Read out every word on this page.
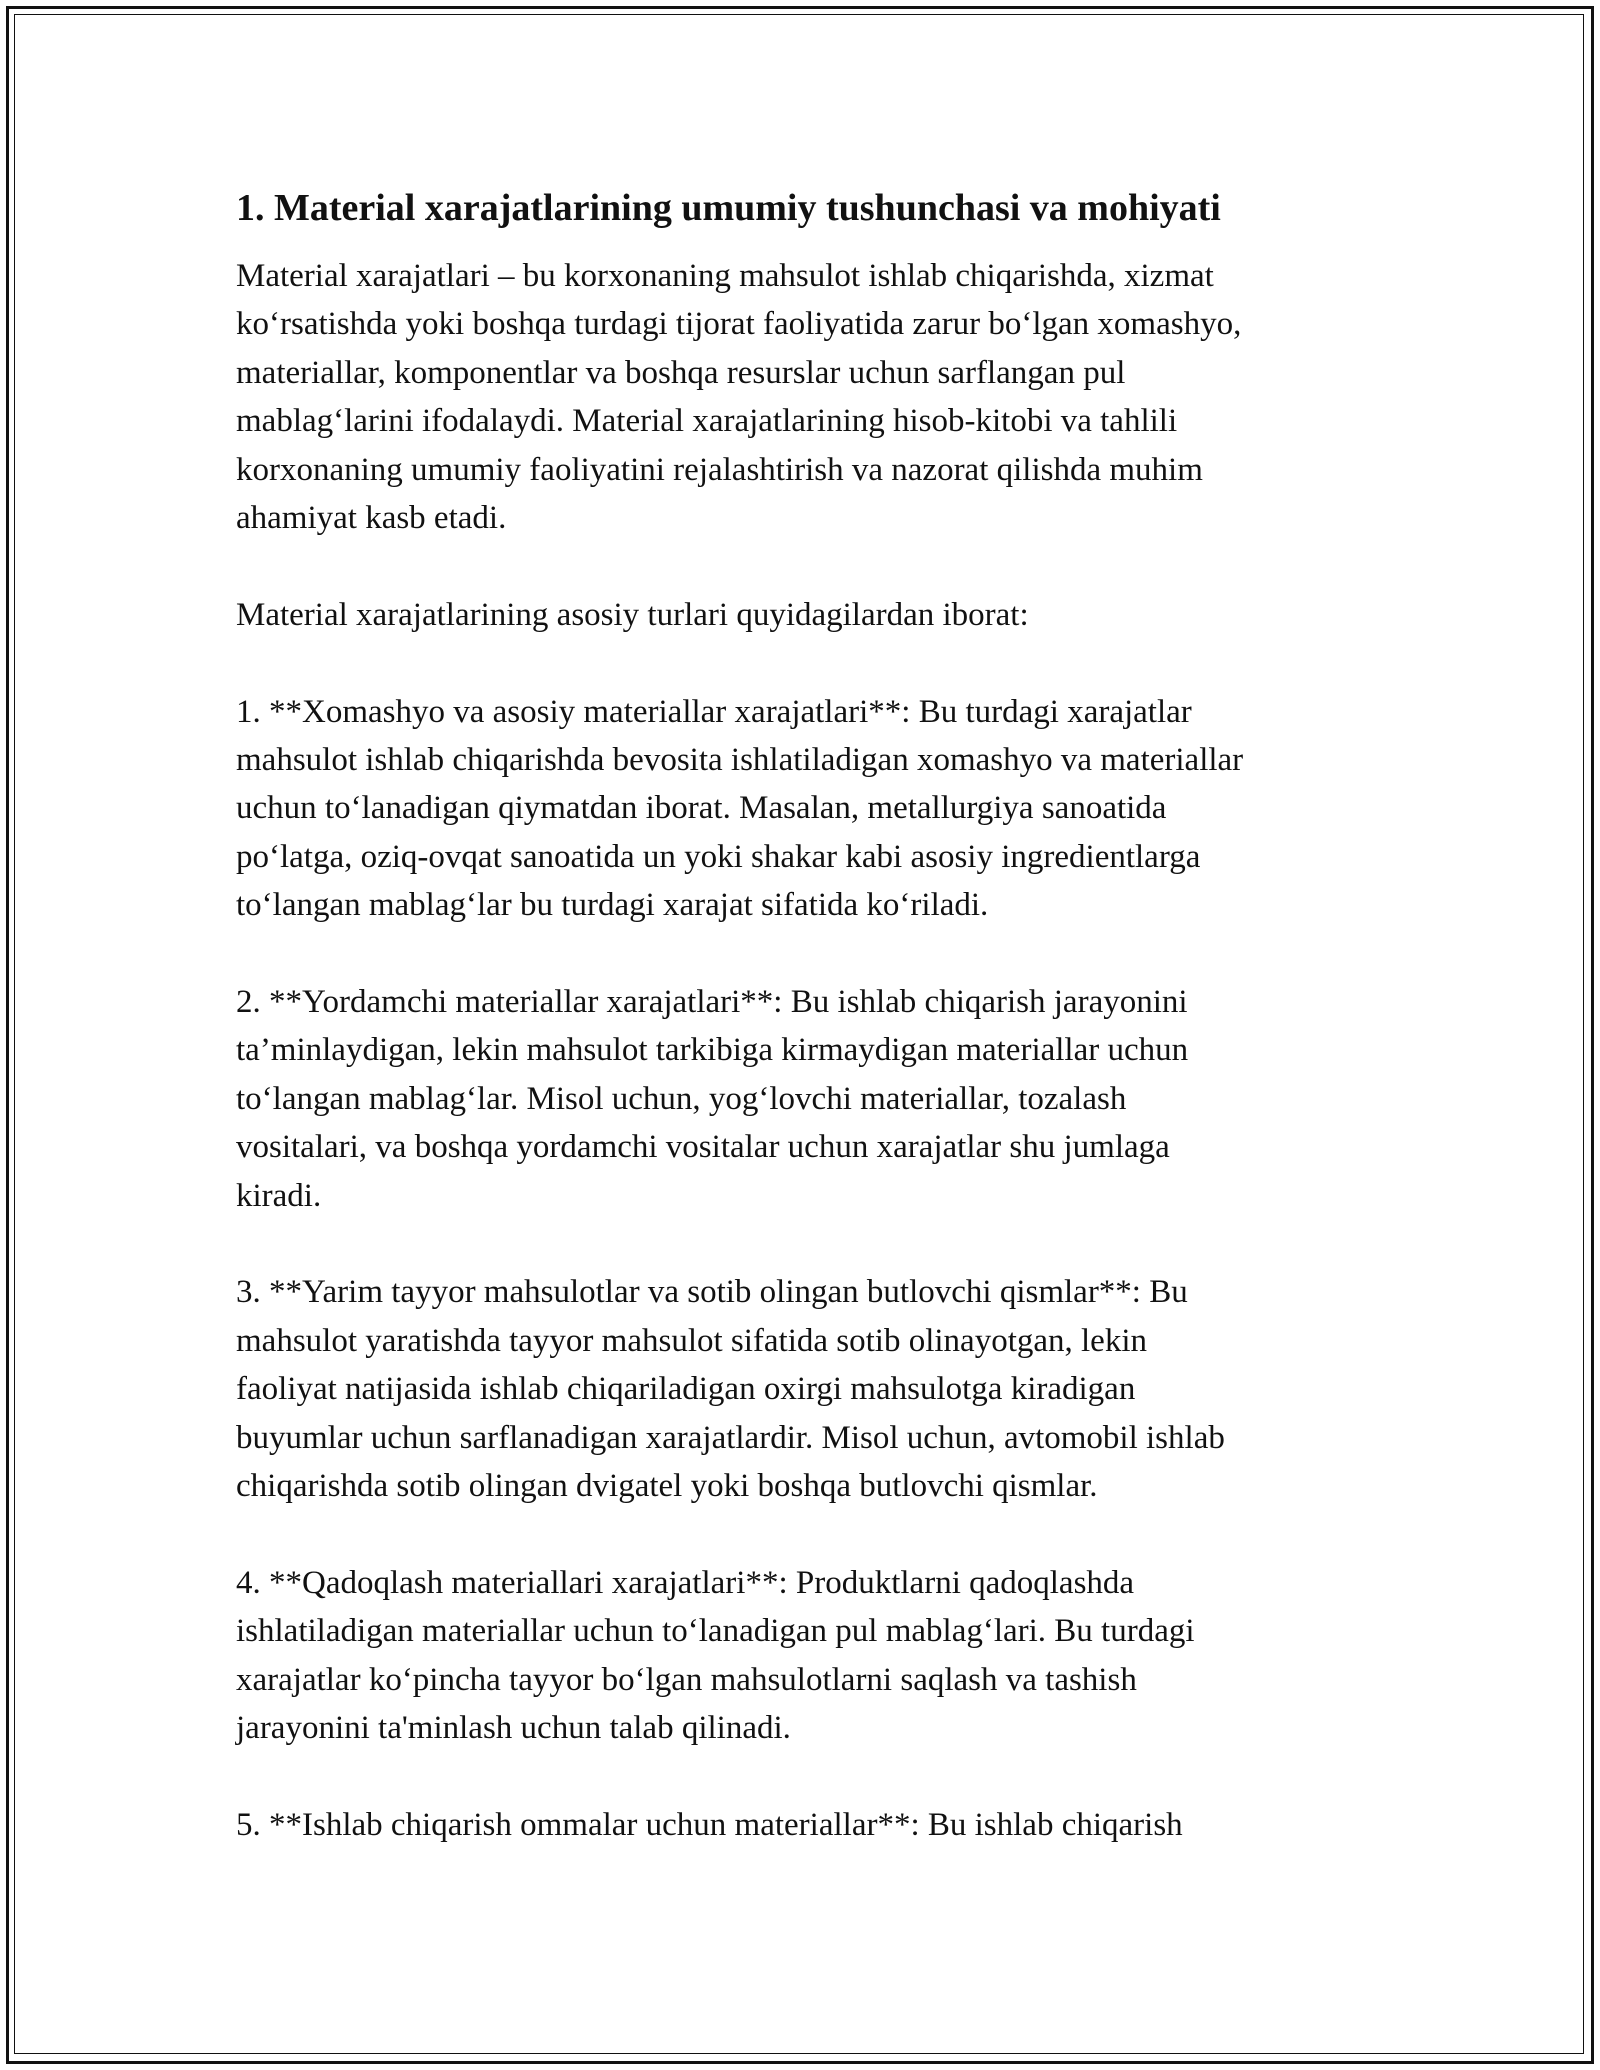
1. Material xarajatlarining umumiy tushunchasi va mohiyati
Material xarajatlari – bu korxonaning mahsulot ishlab chiqarishda, xizmat
ko‘rsatishda yoki boshqa turdagi tijorat faoliyatida zarur bo‘lgan xomashyo,
materiallar, komponentlar va boshqa resurslar uchun sarflangan pul
mablag‘larini ifodalaydi. Material xarajatlarining hisob-kitobi va tahlili
korxonaning umumiy faoliyatini rejalashtirish va nazorat qilishda muhim
ahamiyat kasb etadi.
Material xarajatlarining asosiy turlari quyidagilardan iborat:
1. **Xomashyo va asosiy materiallar xarajatlari**: Bu turdagi xarajatlar
mahsulot ishlab chiqarishda bevosita ishlatiladigan xomashyo va materiallar
uchun to‘lanadigan qiymatdan iborat. Masalan, metallurgiya sanoatida
po‘latga, oziq-ovqat sanoatida un yoki shakar kabi asosiy ingredientlarga
to‘langan mablag‘lar bu turdagi xarajat sifatida ko‘riladi.
2. **Yordamchi materiallar xarajatlari**: Bu ishlab chiqarish jarayonini
ta’minlaydigan, lekin mahsulot tarkibiga kirmaydigan materiallar uchun
to‘langan mablag‘lar. Misol uchun, yog‘lovchi materiallar, tozalash
vositalari, va boshqa yordamchi vositalar uchun xarajatlar shu jumlaga
kiradi.
3. **Yarim tayyor mahsulotlar va sotib olingan butlovchi qismlar**: Bu
mahsulot yaratishda tayyor mahsulot sifatida sotib olinayotgan, lekin
faoliyat natijasida ishlab chiqariladigan oxirgi mahsulotga kiradigan
buyumlar uchun sarflanadigan xarajatlardir. Misol uchun, avtomobil ishlab
chiqarishda sotib olingan dvigatel yoki boshqa butlovchi qismlar.
4. **Qadoqlash materiallari xarajatlari**: Produktlarni qadoqlashda
ishlatiladigan materiallar uchun to‘lanadigan pul mablag‘lari. Bu turdagi
xarajatlar ko‘pincha tayyor bo‘lgan mahsulotlarni saqlash va tashish
jarayonini ta'minlash uchun talab qilinadi.
5. **Ishlab chiqarish ommalar uchun materiallar**: Bu ishlab chiqarish
